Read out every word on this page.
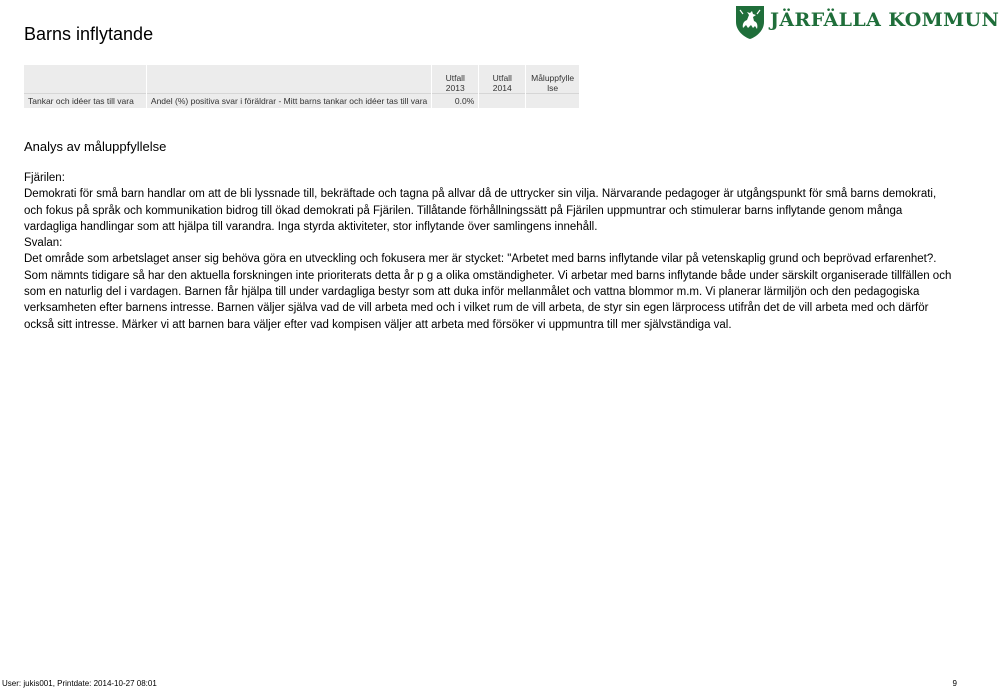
Barns inflytande
JÄRFÄLLA KOMMUN
		Utfall 2013	Utfall 2014	Måluppfylle lse
Tankar och idéer tas till vara	Andel (%) positiva svar i föräldrar - Mitt barns tankar och idéer tas till vara	0.0%		
Analys av måluppfyllelse

Fjärilen:

Demokrati för små barn handlar om att de bli lyssnade till, bekräftade och tagna på allvar då de uttrycker sin vilja. Närvarande pedagoger är utgångspunkt för små barns demokrati, och fokus på språk och kommunikation bidrog till ökad demokrati på Fjärilen. Tillåtande förhållningssätt på Fjärilen uppmuntrar och stimulerar barns inflytande genom många vardagliga handlingar som att hjälpa till varandra. Inga styrda aktiviteter, stor inflytande över samlingens innehåll.

Svalan:

Det område som arbetslaget anser sig behöva göra en utveckling och fokusera mer är stycket: "Arbetet med barns inflytande vilar på vetenskaplig grund och beprövad erfarenhet?. Som nämnts tidigare så har den aktuella forskningen inte prioriterats detta år p g a olika omständigheter. Vi arbetar med barns inflytande både under särskilt organiserade tillfällen och som en naturlig del i vardagen. Barnen får hjälpa till under vardagliga bestyr som att duka inför mellanmålet och vattna blommor m.m. Vi planerar lärmiljön och den pedagogiska verksamheten efter barnens intresse. Barnen väljer själva vad de vill arbeta med och i vilket rum de vill arbeta, de styr sin egen lärprocess utifrån det de vill arbeta med och därför också sitt intresse. Märker vi att barnen bara väljer efter vad kompisen väljer att arbeta med försöker vi uppmuntra till mer självständiga val.

User: jukis001, Printdate: 2014-10-27 08:01	9
